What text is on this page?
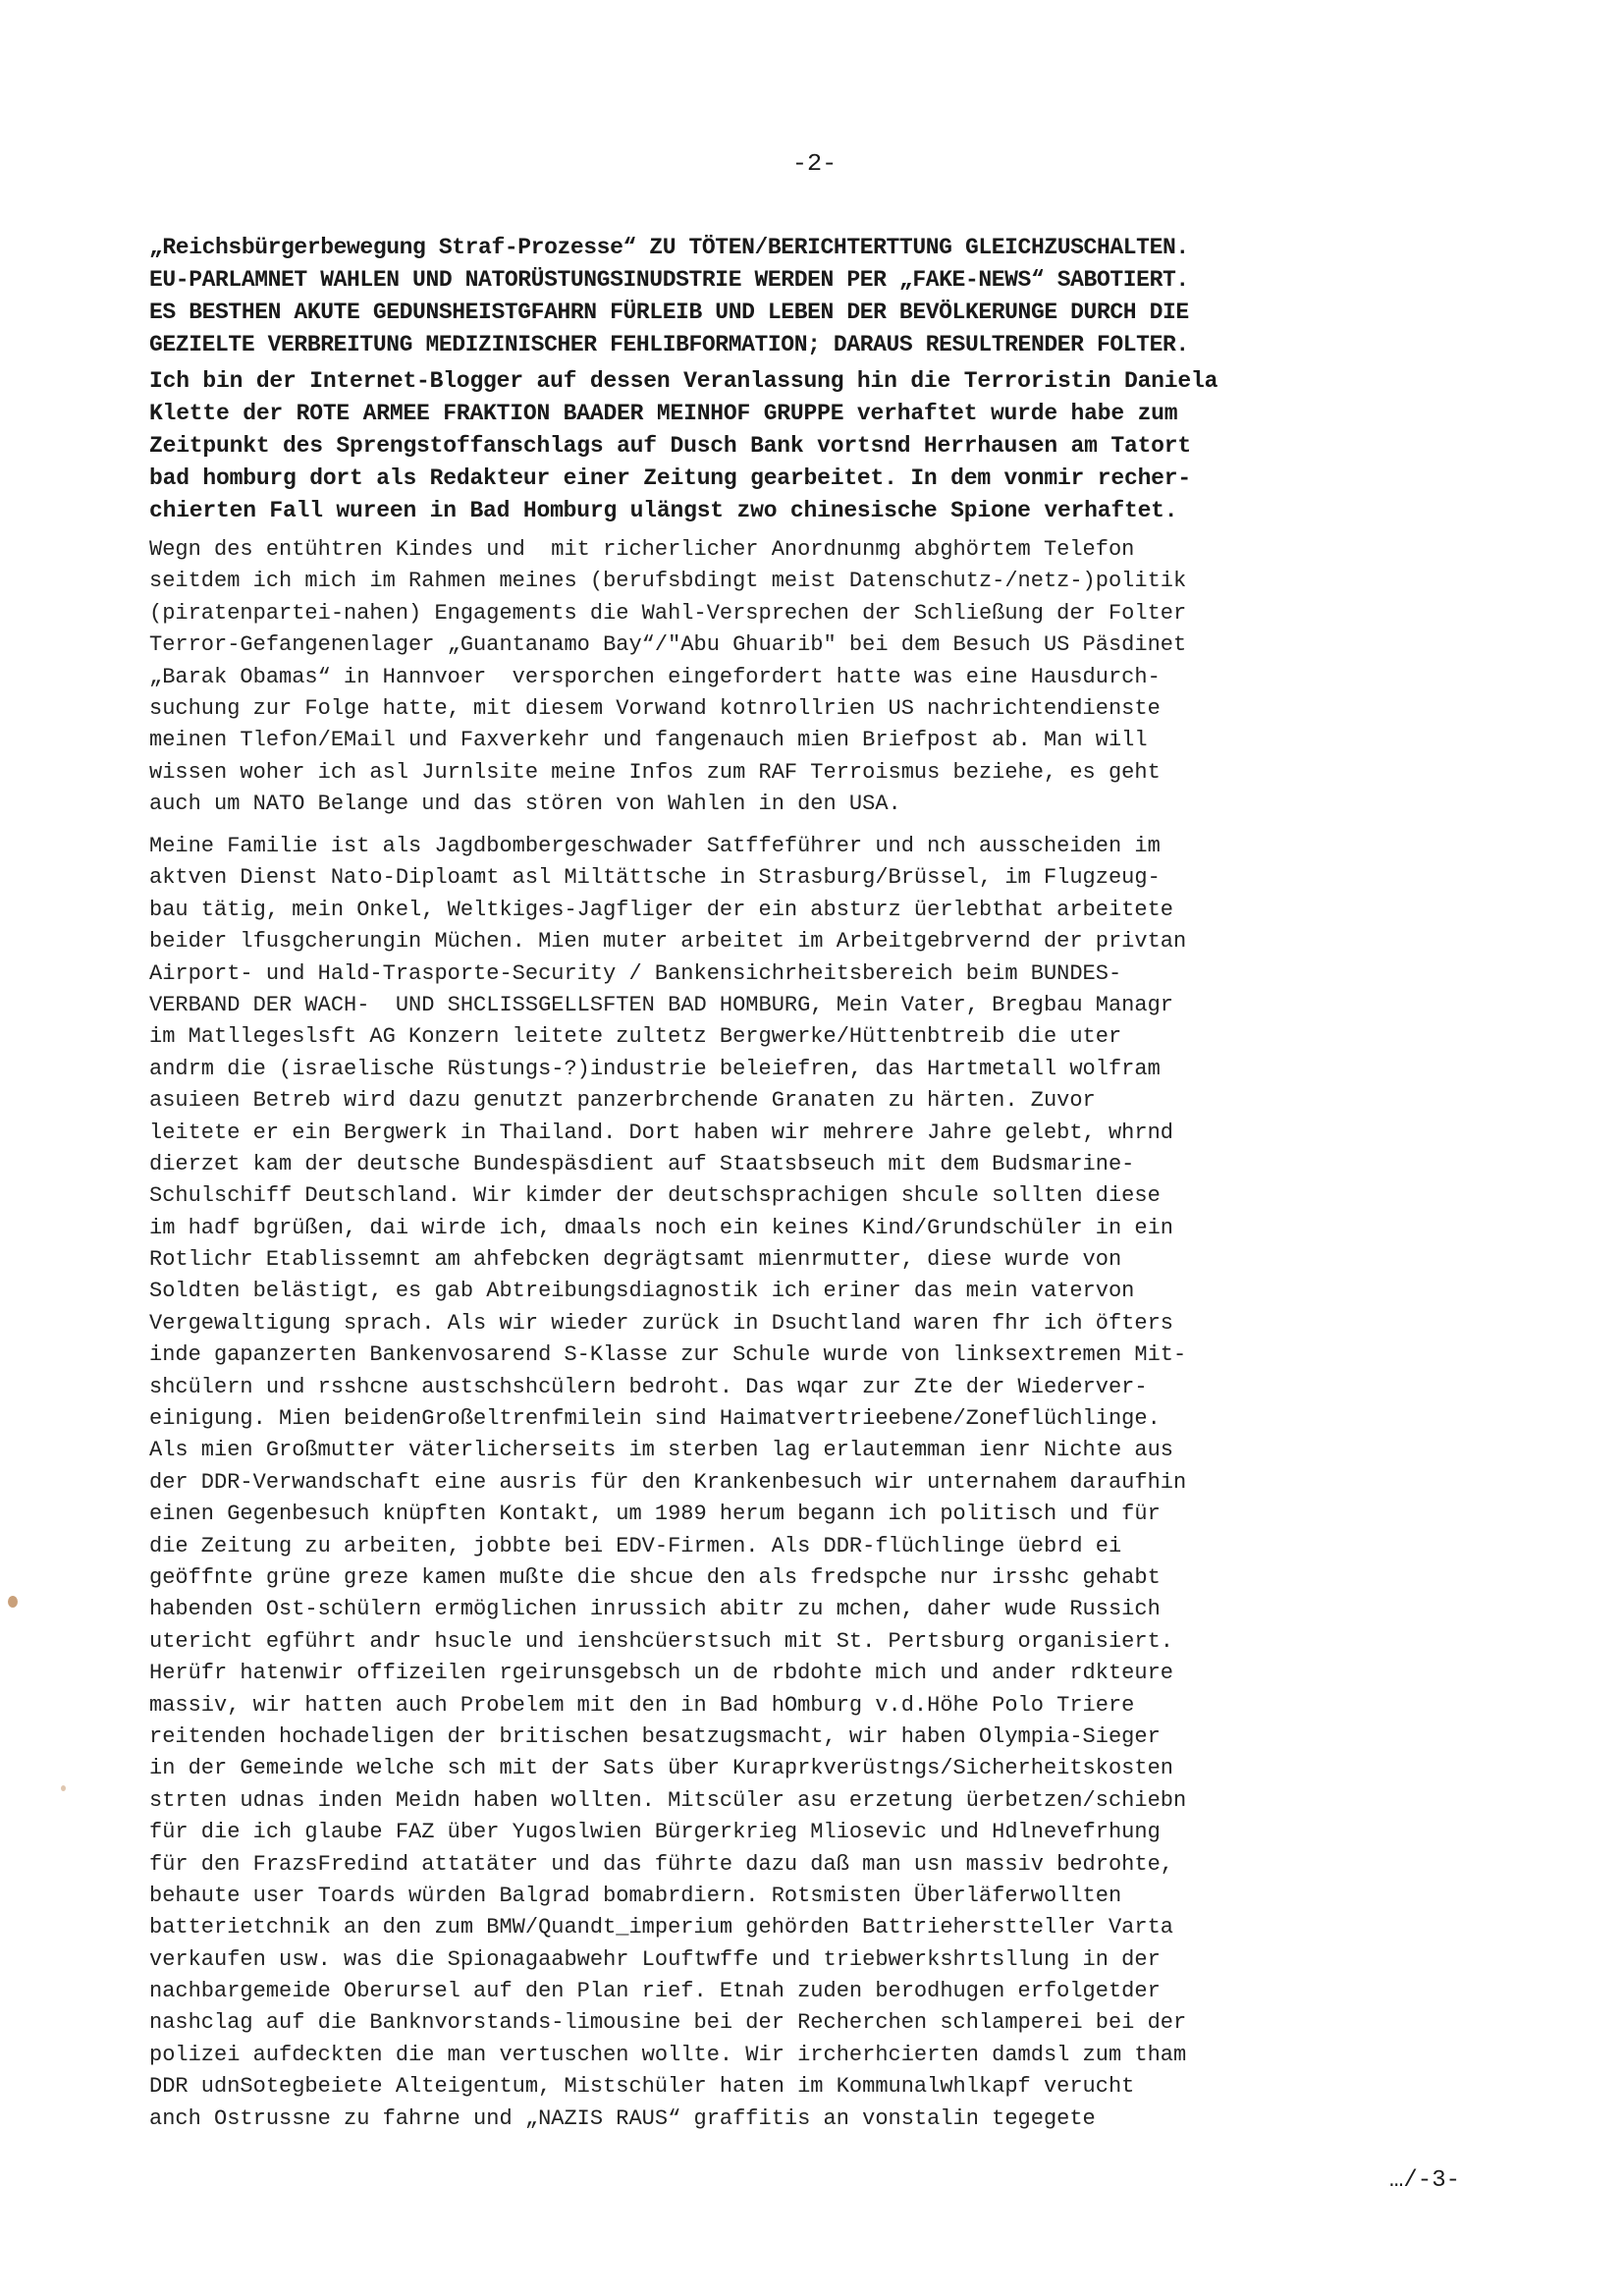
-2-
„Reichsbürgerbewegung Straf-Prozesse“ ZU TÖTEN/BERICHTERTTUNG GLEICHZUSCHALTEN.
EU-PARLAMNET WAHLEN UND NATORÜSTUNGSINUDSTRIE WERDEN PER „FAKE-NEWS“ SABOTIERT.
ES BESTHEN AKUTE GEDUNSHEISTGFAHRN FÜRLEIB UND LEBEN DER BEVÖLKERUNGE DURCH DIE
GEZIELTE VERBREITUNG MEDIZINISCHER FEHLIBFORMATION; DARAUS RESULTRENDER FOLTER.
Ich bin der Internet-Blogger auf dessen Veranlassung hin die Terroristin Daniela
Klette der ROTE ARMEE FRAKTION BAADER MEINHOF GRUPPE verhaftet wurde habe zum
Zeitpunkt des Sprengstoffanschlags auf Dusch Bank vortsnd Herrhausen am Tatort
bad homburg dort als Redakteur einer Zeitung gearbeitet. In dem vonmir recher-
chierten Fall wureen in Bad Homburg ulängst zwo chinesische Spione verhaftet.
Wegn des entühtren Kindes und  mit richerlicher Anordnunmg abghörtem Telefon
seitdem ich mich im Rahmen meines (berufsbdingt meist Datenschutz-/netz-)politik
(piratenpartei-nahen) Engagements die Wahl-Versprechen der Schließung der Folter
Terror-Gefangenenlager „Guantanamo Bay“/"Abu Ghuarib" bei dem Besuch US Päsdinet
„Barak Obamas“ in Hannvoer  versporchen eingefordert hatte was eine Hausdurch-
suchung zur Folge hatte, mit diesem Vorwand kotnrollrien US nachrichtendienste
meinen Tlefon/EMail und Faxverkehr und fangenauch mien Briefpost ab. Man will
wissen woher ich asl Jurnlsite meine Infos zum RAF Terroismus beziehe, es geht
auch um NATO Belange und das stören von Wahlen in den USA.
Meine Familie ist als Jagdbombergeschwader Satffeführer und nch ausscheiden im
aktven Dienst Nato-Diploamt asl Miltättsche in Strasburg/Brüssel, im Flugzeug-
bau tätig, mein Onkel, Weltkiges-Jagfliger der ein absturz üerlebthat arbeitete
beider lfusgcherungin Müchen. Mien muter arbeitet im Arbeitgebrvernd der privtan
Airport- und Hald-Trasporte-Security / Bankensichrheitsbereich beim BUNDES-
VERBAND DER WACH-  UND SHCLISSGELLSFTEN BAD HOMBURG, Mein Vater, Bregbau Managr
im Matllegeslsft AG Konzern leitete zultetz Bergwerke/Hüttenbtreib die uter
andrm die (israelische Rüstungs-?)industrie beleiefren, das Hartmetall wolfram
asuieen Betreb wird dazu genutzt panzerbrchende Granaten zu härten. Zuvor
leitete er ein Bergwerk in Thailand. Dort haben wir mehrere Jahre gelebt, whrnd
dierzet kam der deutsche Bundespäsdient auf Staatsbseuch mit dem Budsmarine-
Schulschiff Deutschland. Wir kimder der deutschsprachigen shcule sollten diese
im hadf bgrüßen, dai wirde ich, dmaals noch ein keines Kind/Grundschüler in ein
Rotlichr Etablissemnt am ahfebcken degrägtsamt mienrmutter, diese wurde von
Soldten belästigt, es gab Abtreibungsdiagnostik ich eriner das mein vatervon
Vergewaltigung sprach. Als wir wieder zurück in Dsuchtland waren fhr ich öfters
inde gapanzerten Bankenvosarend S-Klasse zur Schule wurde von linksextremen Mit-
shcülern und rsshcne austschshcülern bedroht. Das wqar zur Zte der Wiederver-
einigung. Mien beidenGroßeltrenfmilein sind Haimatvertrieebene/Zoneflüchlinge.
Als mien Großmutter väterlicherseits im sterben lag erlautemman ienr Nichte aus
der DDR-Verwandschaft eine ausris für den Krankenbesuch wir unternahem daraufhin
einen Gegenbesuch knüpften Kontakt, um 1989 herum begann ich politisch und für
die Zeitung zu arbeiten, jobbte bei EDV-Firmen. Als DDR-flüchlinge üebrd ei
geöffnte grüne greze kamen mußte die shcue den als fredspche nur irsshc gehabt
habenden Ost-schülern ermöglichen inrussich abitr zu mchen, daher wude Russich
utericht egführt andr hsucle und ienshcüerstsuch mit St. Pertsburg organisiert.
Herüfr hatenwir offizeilen rgeirunsgebsch un de rbdohte mich und ander rdkteure
massiv, wir hatten auch Probelem mit den in Bad hOmburg v.d.Höhe Polo Triere
reitenden hochadeligen der britischen besatzugsmacht, wir haben Olympia-Sieger
in der Gemeinde welche sch mit der Sats über Kuraprkverüstngs/Sicherheitskosten
strten udnas inden Meidn haben wollten. Mitscüler asu erzetung üerbetzen/schiebn
für die ich glaube FAZ über Yugoslwien Bürgerkrieg Mliosevic und Hdlnevefrhung
für den FrazsFredind attatäter und das führte dazu daß man usn massiv bedrohte,
behaute user Toards würden Balgrad bomabrdiern. Rotsmisten Überläferwollten
batterietchnik an den zum BMW/Quandt_imperium gehörden Battrieherstteller Varta
verkaufen usw. was die Spionagaabwehr Louftwffe und triebwerkshrtsllung in der
nachbargemeide Oberursel auf den Plan rief. Etnah zuden berodhugen erfolgetder
nashclag auf die Banknvorstands-limousine bei der Recherchen schlamperei bei der
polizei aufdeckten die man vertuschen wollte. Wir ircherhcierten damdsl zum tham
DDR udnSotegbeiete Alteigentum, Mistschüler haten im Kommunalwhlkapf verucht
anch Ostrussne zu fahrne und „NAZIS RAUS“ graffitis an vonstalin tegegete
…/-3-
